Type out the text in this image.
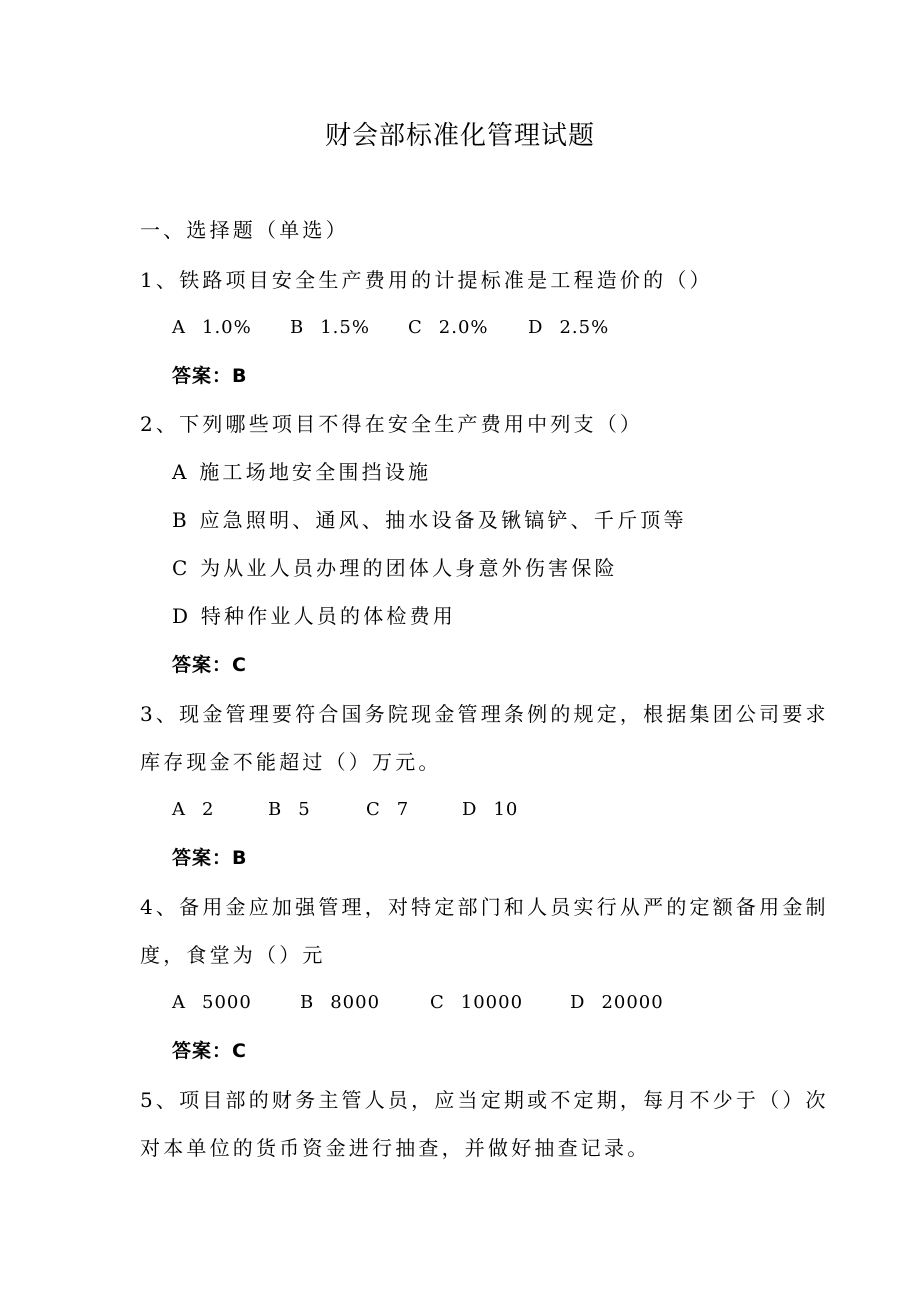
财会部标准化管理试题
一、选择题（单选）
1、铁路项目安全生产费用的计提标准是工程造价的（）
A 1.0% B 1.5% C 2.0% D 2.5%
答案：B
2、下列哪些项目不得在安全生产费用中列支（）
A 施工场地安全围挡设施
B 应急照明、通风、抽水设备及锹镐铲、千斤顶等
C 为从业人员办理的团体人身意外伤害保险
D 特种作业人员的体检费用
答案：C
3、现金管理要符合国务院现金管理条例的规定，根据集团公司要求
库存现金不能超过（）万元。
A 2	B 5	C 7	D 10
答案：B
4、备用金应加强管理，对特定部门和人员实行从严的定额备用金制
度，食堂为（）元
A 5000	B 8000	C 10000	D 20000
答案：C
5、项目部的财务主管人员，应当定期或不定期，每月不少于（）次
对本单位的货币资金进行抽查，并做好抽查记录。
